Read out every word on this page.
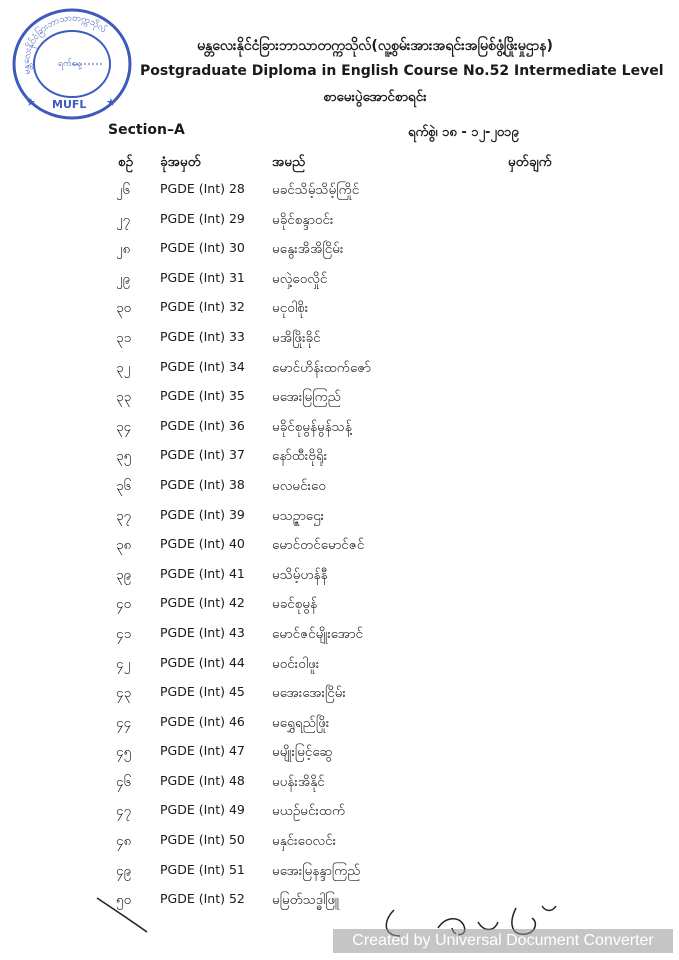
မန္တလေးနိုင်ငံခြားဘာသာတက္ကသိုလ်
ရက်နေ့
MUFL
★	★
မန္တလေးနိုင်ငံခြားဘာသာတက္ကသိုလ်(လူ့စွမ်းအားအရင်းအမြစ်ဖွံ့ဖြိုးမှုဌာန)
Postgraduate Diploma in English Course No.52 Intermediate Level
စာမေးပွဲအောင်စာရင်း
Section–A	ရက်စွဲ၊ ၁၈ - ၁၂-၂၀၁၉
စဉ် ခုံအမှတ်	အမည်	မှတ်ချက်
၂၆ PGDE (Int) 28 မခင်သိမ့်သိမ့်ကြိုင်
၂၇ PGDE (Int) 29 မခိုင်စန္ဒာဝင်း
၂၈ PGDE (Int) 30 မနွေးအိအိငြိမ်း
၂၉ PGDE (Int) 31 မလှဲ့ဝေလှိုင်
၃၀ PGDE (Int) 32 မငုဝါစိုး
၃၁ PGDE (Int) 33 မအိဖြိုးခိုင်
၃၂ PGDE (Int) 34 မောင်ဟိန်းထက်ဇော်
၃၃ PGDE (Int) 35 မအေးမြကြည်
၃၄ PGDE (Int) 36 မခိုင်စုမွန်မွန်သန့်
၃၅ PGDE (Int) 37 နော်ထီးဗိုရိုး
၃၆ PGDE (Int) 38 မလမင်းဝေ
၃၇ PGDE (Int) 39 မသဉ္ဇာဌေး
၃၈ PGDE (Int) 40 မောင်တင်မောင်ဇင်
၃၉ PGDE (Int) 41 မသိမ့်ဟန်နီ
၄၀ PGDE (Int) 42 မခင်စုမွန်
၄၁ PGDE (Int) 43 မောင်ဇင်မျိုးအောင်
၄၂ PGDE (Int) 44 မဝင်းဝါဖူး
၄၃ PGDE (Int) 45 မအေးအေးငြိမ်း
၄၄ PGDE (Int) 46 မရွှေရည်ဖြိုး
၄၅ PGDE (Int) 47 မမျိုးမြင့်ဆွေ
၄၆ PGDE (Int) 48 မပန်းအိနိုင်
၄၇ PGDE (Int) 49 မယဉ်မင်းထက်
၄၈ PGDE (Int) 50 မနှင်းဝေလင်း
၄၉ PGDE (Int) 51 မအေးမြနန္ဒာကြည်
၅၀ PGDE (Int) 52 မမြတ်သဒ္ဓါဖြူ
Created by Universal Document Converter
